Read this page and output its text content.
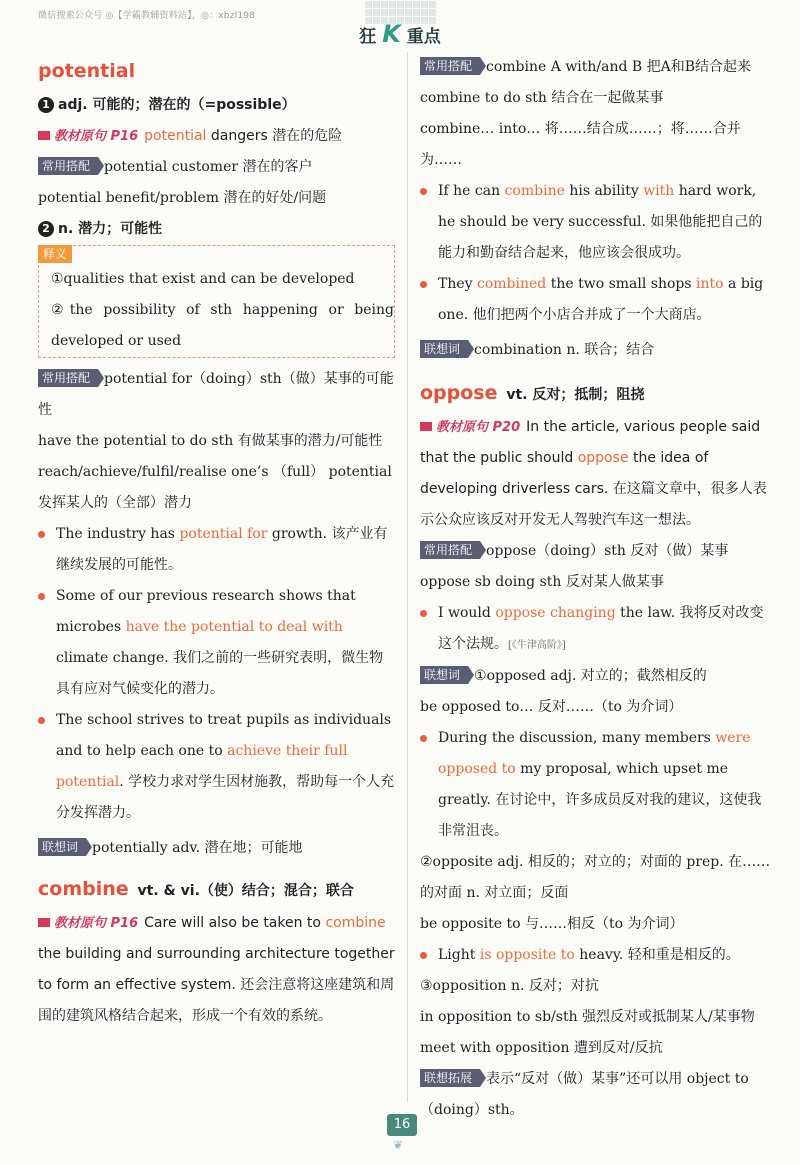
微信搜索公众号 ◎【学霸教辅资料站】，◎：xbzl198
狂 K 重点

potential

1 adj. 可能的；潜在的（=possible）

教材原句 P16 potential dangers 潜在的危险

常用搭配 potential customer 潜在的客户

potential benefit/problem 潜在的好处/问题

2 n. 潜力；可能性

释义

①qualities that exist and can be developed

②the possibility of sth happening or being developed or used

常用搭配 potential for（doing）sth（做）某事的可能性

have the potential to do sth 有做某事的潜力/可能性

reach/achieve/fulfil/realise one’s （full） potential 发挥某人的（全部）潜力

The industry has potential for growth. 该产业有继续发展的可能性。

Some of our previous research shows that microbes have the potential to deal with climate change. 我们之前的一些研究表明，微生物具有应对气候变化的潜力。

The school strives to treat pupils as individuals and to help each one to achieve their full potential. 学校力求对学生因材施教，帮助每一个人充分发挥潜力。

联想词 potentially adv. 潜在地；可能地

combine vt. & vi.（使）结合；混合；联合

教材原句 P16 Care will also be taken to combine the building and surrounding architecture together to form an effective system. 还会注意将这座建筑和周围的建筑风格结合起来，形成一个有效的系统。

常用搭配 combine A with/and B 把A和B结合起来

combine to do sth 结合在一起做某事

combine… into… 将……结合成……；将……合并为……

If he can combine his ability with hard work, he should be very successful. 如果他能把自己的能力和勤奋结合起来，他应该会很成功。

They combined the two small shops into a big one. 他们把两个小店合并成了一个大商店。

联想词 combination n. 联合；结合

oppose vt. 反对；抵制；阻挠

教材原句 P20 In the article, various people said that the public should oppose the idea of developing driverless cars. 在这篇文章中，很多人表示公众应该反对开发无人驾驶汽车这一想法。

常用搭配 oppose（doing）sth 反对（做）某事

oppose sb doing sth 反对某人做某事

I would oppose changing the law. 我将反对改变这个法规。[《牛津高阶》]

联想词 ①opposed adj. 对立的；截然相反的

be opposed to… 反对……（to 为介词）

During the discussion, many members were opposed to my proposal, which upset me greatly. 在讨论中，许多成员反对我的建议，这使我非常沮丧。

②opposite adj. 相反的；对立的；对面的 prep. 在……的对面 n. 对立面；反面

be opposite to 与……相反（to 为介词）

Light is opposite to heavy. 轻和重是相反的。

③opposition n. 反对；对抗

in opposition to sb/sth 强烈反对或抵制某人/某事物

meet with opposition 遭到反对/反抗

联想拓展 表示“反对（做）某事”还可以用 object to（doing）sth。

16
❦
